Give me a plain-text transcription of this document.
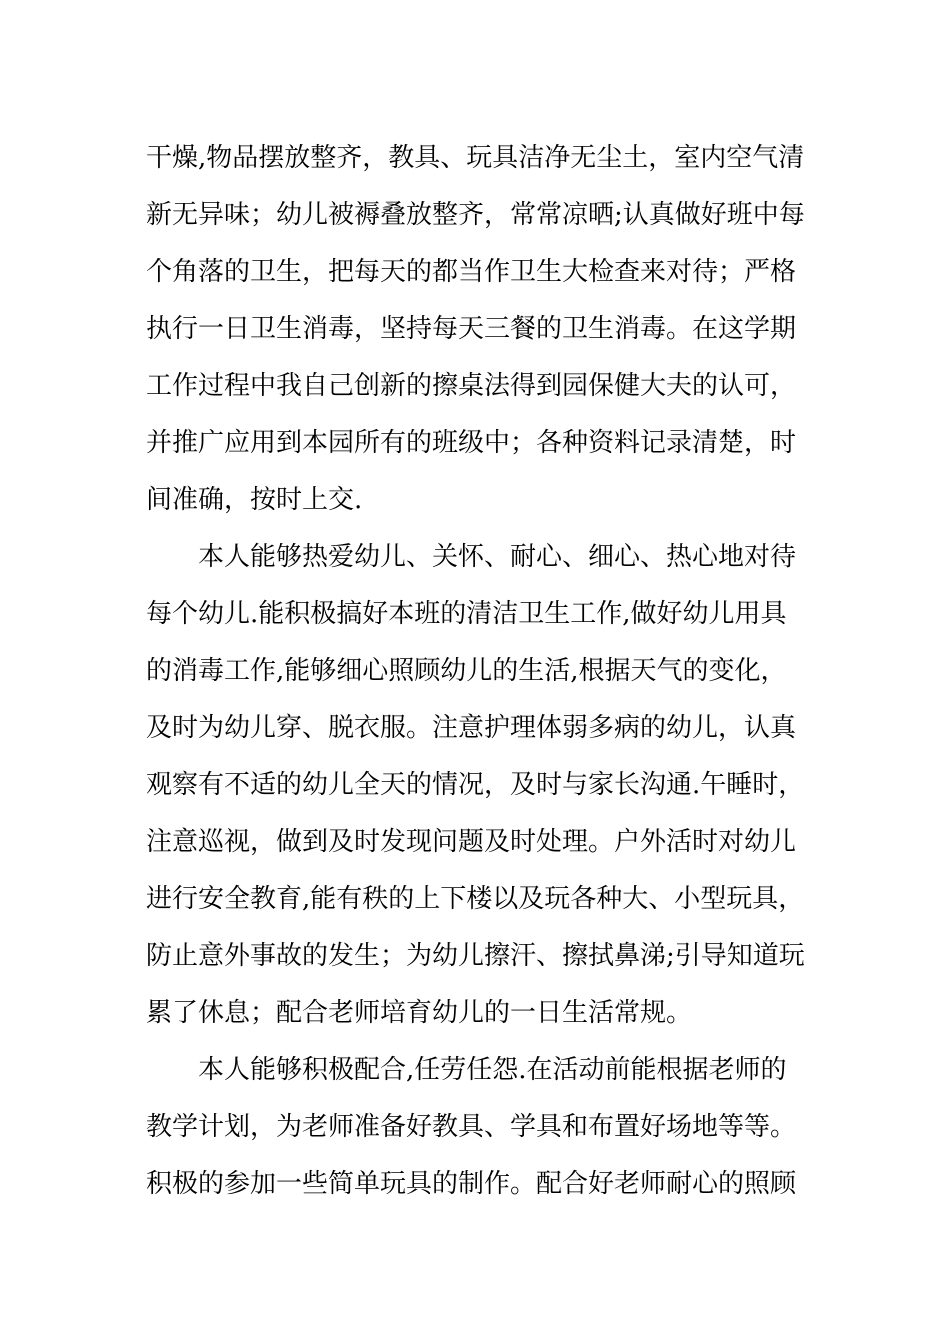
干燥,物品摆放整齐，教具、玩具洁净无尘土，室内空气清
新无异味；幼儿被褥叠放整齐，常常凉晒;认真做好班中每
个角落的卫生，把每天的都当作卫生大检查来对待；严格
执行一日卫生消毒，坚持每天三餐的卫生消毒。在这学期
工作过程中我自己创新的擦桌法得到园保健大夫的认可，
并推广应用到本园所有的班级中；各种资料记录清楚，时
间准确，按时上交.
本人能够热爱幼儿、关怀、耐心、细心、热心地对待
每个幼儿.能积极搞好本班的清洁卫生工作,做好幼儿用具
的消毒工作,能够细心照顾幼儿的生活,根据天气的变化，
及时为幼儿穿、脱衣服。注意护理体弱多病的幼儿，认真
观察有不适的幼儿全天的情况，及时与家长沟通.午睡时，
注意巡视，做到及时发现问题及时处理。户外活时对幼儿
进行安全教育,能有秩的上下楼以及玩各种大、小型玩具，
防止意外事故的发生；为幼儿擦汗、擦拭鼻涕;引导知道玩
累了休息；配合老师培育幼儿的一日生活常规。
本人能够积极配合,任劳任怨.在活动前能根据老师的
教学计划，为老师准备好教具、学具和布置好场地等等。
积极的参加一些简单玩具的制作。配合好老师耐心的照顾
